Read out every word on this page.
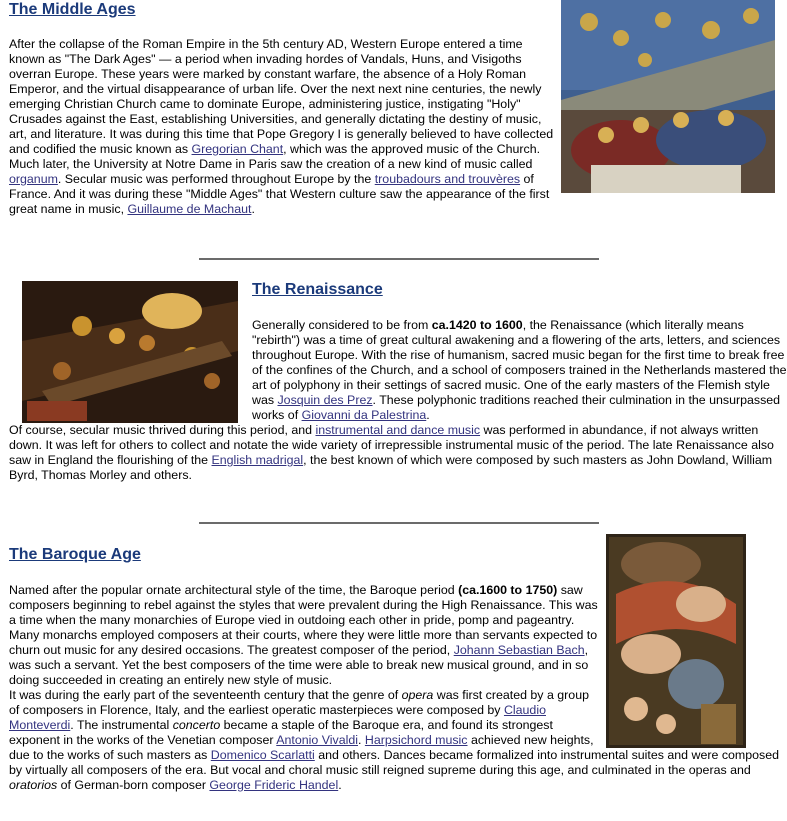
The Middle Ages

After the collapse of the Roman Empire in the 5th century AD, Western Europe entered a time known as "The Dark Ages" — a period when invading hordes of Vandals, Huns, and Visigoths overran Europe. These years were marked by constant warfare, the absence of a Holy Roman Emperor, and the virtual disappearance of urban life. Over the next next nine centuries, the newly emerging Christian Church came to dominate Europe, administering justice, instigating "Holy" Crusades against the East, establishing Universities, and generally dictating the destiny of music, art, and literature. It was during this time that Pope Gregory I is generally believed to have collected and codified the music known as Gregorian Chant, which was the approved music of the Church. Much later, the University at Notre Dame in Paris saw the creation of a new kind of music called organum. Secular music was performed throughout Europe by the troubadours and trouvères of France. And it was during these "Middle Ages" that Western culture saw the appearance of the first great name in music, Guillaume de Machaut.

The Renaissance

Generally considered to be from ca.1420 to 1600, the Renaissance (which literally means "rebirth") was a time of great cultural awakening and a flowering of the arts, letters, and sciences throughout Europe. With the rise of humanism, sacred music began for the first time to break free of the confines of the Church, and a school of composers trained in the Netherlands mastered the art of polyphony in their settings of sacred music. One of the early masters of the Flemish style was Josquin des Prez. These polyphonic traditions reached their culmination in the unsurpassed works of Giovanni da Palestrina.
Of course, secular music thrived during this period, and instrumental and dance music was performed in abundance, if not always written down. It was left for others to collect and notate the wide variety of irrepressible instrumental music of the period. The late Renaissance also saw in England the flourishing of the English madrigal, the best known of which were composed by such masters as John Dowland, William Byrd, Thomas Morley and others.

The Baroque Age

Named after the popular ornate architectural style of the time, the Baroque period (ca.1600 to 1750) saw composers beginning to rebel against the styles that were prevalent during the High Renaissance. This was a time when the many monarchies of Europe vied in outdoing each other in pride, pomp and pageantry. Many monarchs employed composers at their courts, where they were little more than servants expected to churn out music for any desired occasions. The greatest composer of the period, Johann Sebastian Bach, was such a servant. Yet the best composers of the time were able to break new musical ground, and in so doing succeeded in creating an entirely new style of music.
It was during the early part of the seventeenth century that the genre of opera was first created by a group of composers in Florence, Italy, and the earliest operatic masterpieces were composed by Claudio Monteverdi. The instrumental concerto became a staple of the Baroque era, and found its strongest exponent in the works of the Venetian composer Antonio Vivaldi. Harpsichord music achieved new heights, due to the works of such masters as Domenico Scarlatti and others. Dances became formalized into instrumental suites and were composed by virtually all composers of the era. But vocal and choral music still reigned supreme during this age, and culminated in the operas and oratorios of German-born composer George Frideric Handel.
